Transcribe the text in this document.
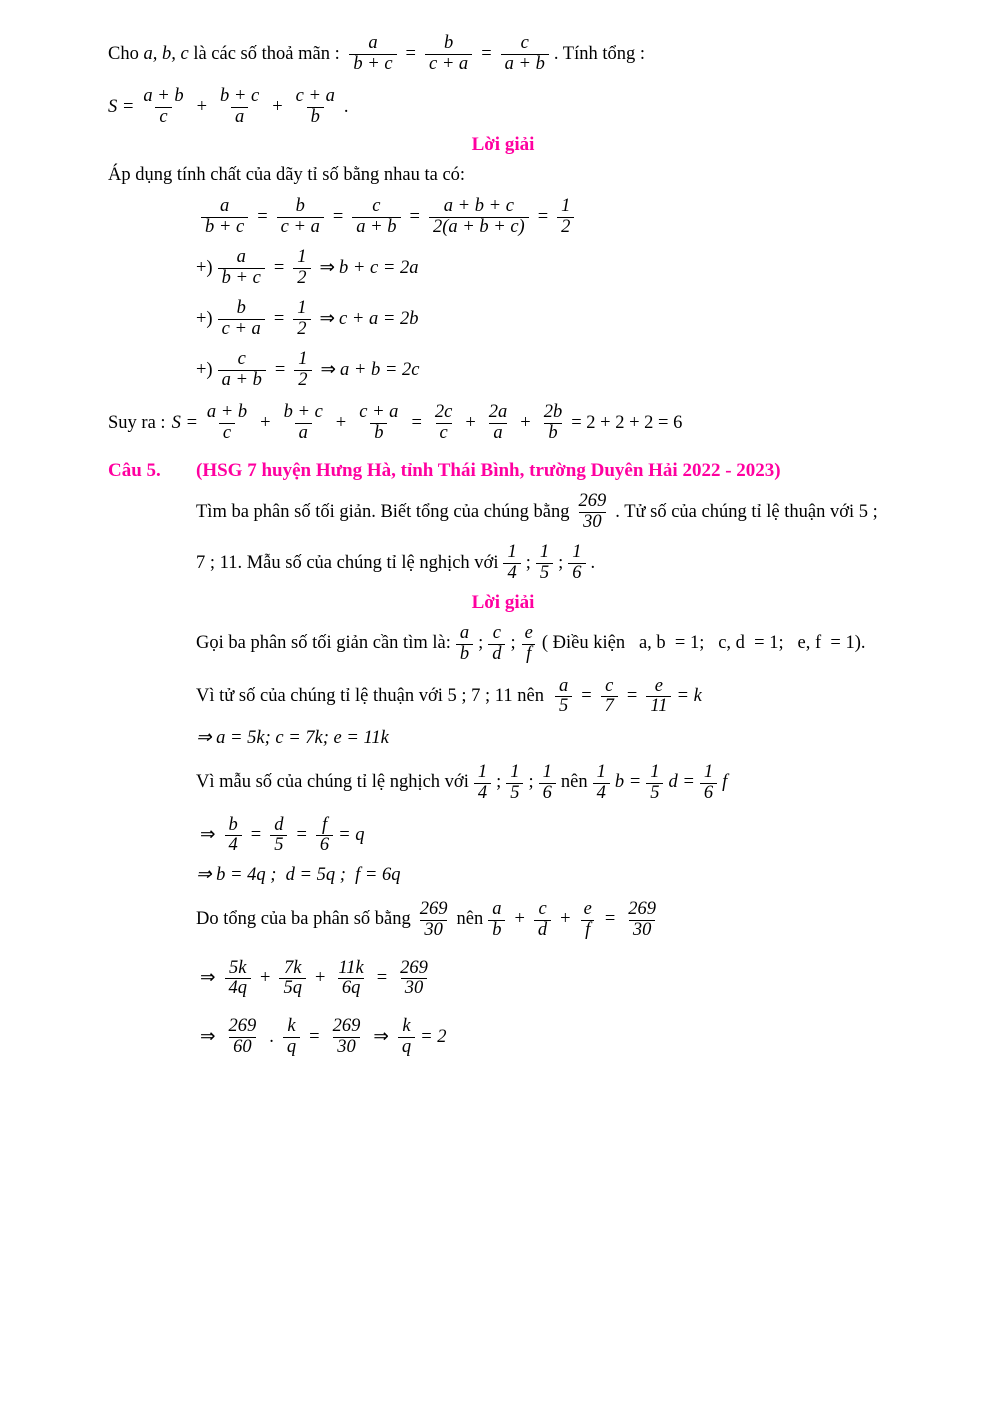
Cho a, b, c là các số thoả mãn : $\frac{a}{b + c} = \frac{b}{c + a} = \frac{c}{a + b}$ . Tính tổng :
$S = \frac{a + b}{c} + \frac{b + c}{a} + \frac{c + a}{b}$ .
Lời giải
Áp dụng tính chất của dãy tỉ số bằng nhau ta có:
$\frac{a}{b + c} = \frac{b}{c + a} = \frac{c}{a + b} = \frac{a + b + c}{2(a + b + c)} = \frac{1}{2}$
+) $\frac{a}{b + c} = \frac{1}{2}$ ⇒ b + c = 2a
+) $\frac{b}{c + a} = \frac{1}{2}$ ⇒ c + a = 2b
+) $\frac{c}{a + b} = \frac{1}{2}$ ⇒ a + b = 2c
Suy ra : $S = \frac{a + b}{c} + \frac{b + c}{a} + \frac{c + a}{b} = \frac{2c}{c} + \frac{2a}{a} + \frac{2b}{b} = 2 + 2 + 2 = 6$
Câu 5.	(HSG 7 huyện Hưng Hà, tỉnh Thái Bình, trường Duyên Hải 2022 - 2023)
Tìm ba phân số tối giản. Biết tổng của chúng bằng $\frac{269}{30}$ . Tử số của chúng tỉ lệ thuận với 5 ;
7 ; 11. Mẫu số của chúng tỉ lệ nghịch với $\frac{1}{4}$ ; $\frac{1}{5}$ ; $\frac{1}{6}$ .
Lời giải
Gọi ba phân số tối giản cần tìm là: $\frac{a}{b}$ ; $\frac{c}{d}$ ; $\frac{e}{f}$ ( Điều kiện   a, b  = 1;   c, d  = 1;   e, f  = 1).
Vì tử số của chúng tỉ lệ thuận với 5 ; 7 ; 11 nên $\frac{a}{5} = \frac{c}{7} = \frac{e}{11} = k$
⇒ a = 5k; c = 7k; e = 11k
Vì mẫu số của chúng tỉ lệ nghịch với $\frac{1}{4}$ ; $\frac{1}{5}$ ; $\frac{1}{6}$ nên $\frac{1}{4}$ $b = \frac{1}{5}$ $d = \frac{1}{6}$ f
⇒ $\frac{b}{4} = \frac{d}{5} = \frac{f}{6} = q$
⇒ b = 4q ;  d = 5q ;  f = 6q
Do tổng của ba phân số bằng $\frac{269}{30}$ nên $\frac{a}{b} + \frac{c}{d} + \frac{e}{f} = \frac{269}{30}$
⇒ $\frac{5k}{4q} + \frac{7k}{5q} + \frac{11k}{6q} = \frac{269}{30}$
⇒ $\frac{269}{60}$ . $\frac{k}{q} = \frac{269}{30}$ ⇒ $\frac{k}{q} = 2$
